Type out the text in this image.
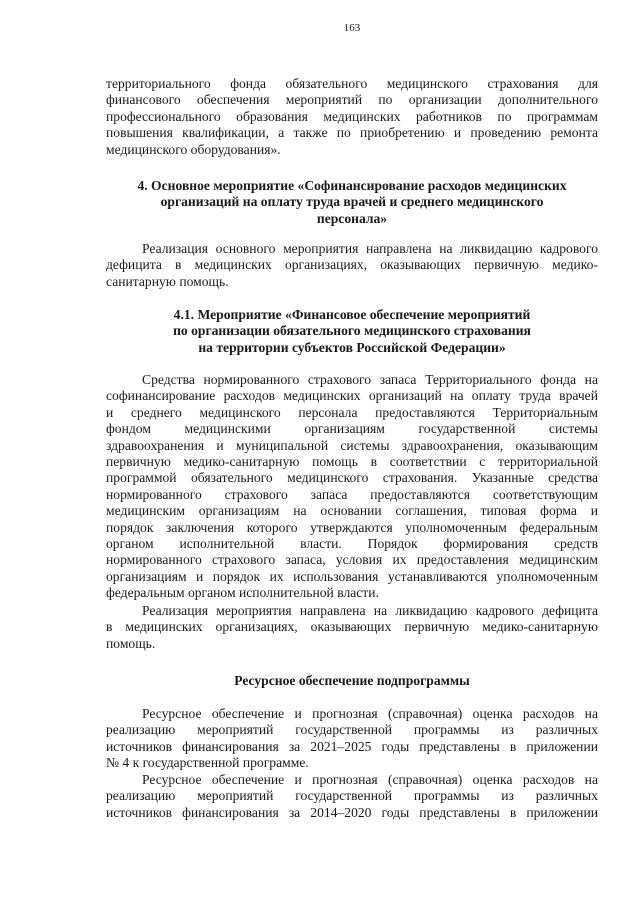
163
территориального фонда обязательного медицинского страхования для
финансового обеспечения мероприятий по организации дополнительного
профессионального образования медицинских работников по программам
повышения квалификации, а также по приобретению и проведению ремонта
медицинского оборудования».
4. Основное мероприятие «Софинансирование расходов медицинских
организаций на оплату труда врачей и среднего медицинского
персонала»
Реализация основного мероприятия направлена на ликвидацию кадрового
дефицита в медицинских организациях, оказывающих первичную медико-
санитарную помощь.
4.1. Мероприятие «Финансовое обеспечение мероприятий
по организации обязательного медицинского страхования
на территории субъектов Российской Федерации»
Средства нормированного страхового запаса Территориального фонда на
софинансирование расходов медицинских организаций на оплату труда врачей
и среднего медицинского персонала предоставляются Территориальным
фондом медицинскими организациям государственной системы
здравоохранения и муниципальной системы здравоохранения, оказывающим
первичную медико-санитарную помощь в соответствии с территориальной
программой обязательного медицинского страхования. Указанные средства
нормированного страхового запаса предоставляются соответствующим
медицинским организациям на основании соглашения, типовая форма и
порядок заключения которого утверждаются уполномоченным федеральным
органом исполнительной власти. Порядок формирования средств
нормированного страхового запаса, условия их предоставления медицинским
организациям и порядок их использования устанавливаются уполномоченным
федеральным органом исполнительной власти.
Реализация мероприятия направлена на ликвидацию кадрового дефицита
в медицинских организациях, оказывающих первичную медико-санитарную
помощь.
Ресурсное обеспечение подпрограммы
Ресурсное обеспечение и прогнозная (справочная) оценка расходов на
реализацию мероприятий государственной программы из различных
источников финансирования за 2021–2025 годы представлены в приложении
№ 4 к государственной программе.
Ресурсное обеспечение и прогнозная (справочная) оценка расходов на
реализацию мероприятий государственной программы из различных
источников финансирования за 2014–2020 годы представлены в приложении
